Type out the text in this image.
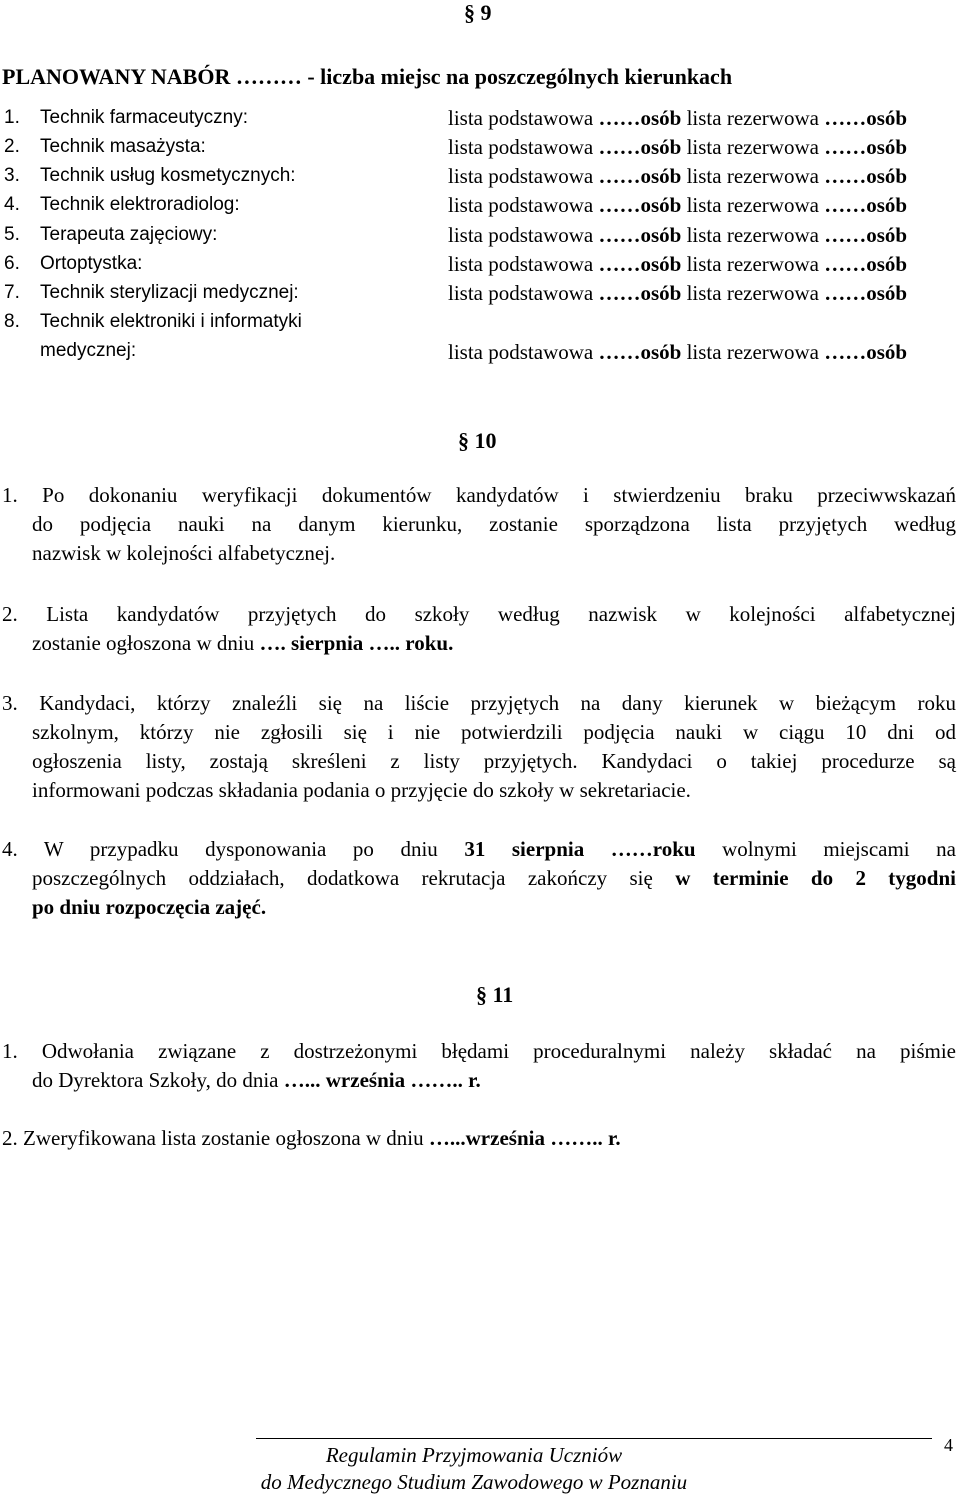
§ 9
PLANOWANY NABÓR ……… - liczba miejsc na poszczególnych kierunkach
1. Technik farmaceutyczny:	lista podstawowa ……osób lista rezerwowa ……osób
2. Technik masażysta:	lista podstawowa ……osób lista rezerwowa ……osób
3. Technik usług kosmetycznych:	lista podstawowa ……osób lista rezerwowa ……osób
4. Technik elektroradiolog:	lista podstawowa ……osób lista rezerwowa ……osób
5. Terapeuta zajęciowy:	lista podstawowa ……osób lista rezerwowa ……osób
6. Ortoptystka:	lista podstawowa ……osób lista rezerwowa ……osób
7. Technik sterylizacji medycznej:	lista podstawowa ……osób lista rezerwowa ……osób
8. Technik elektroniki i informatyki
medycznej:	lista podstawowa ……osób lista rezerwowa ……osób
§ 10
1. Po dokonaniu weryfikacji dokumentów kandydatów i stwierdzeniu braku przeciwwskazań
do podjęcia nauki na danym kierunku, zostanie sporządzona lista przyjętych według
nazwisk w kolejności alfabetycznej.
2. Lista kandydatów przyjętych do szkoły według nazwisk w kolejności alfabetycznej
zostanie ogłoszona w dniu …. sierpnia ….. roku.
3. Kandydaci, którzy znaleźli się na liście przyjętych na dany kierunek w bieżącym roku
szkolnym, którzy nie zgłosili się i nie potwierdzili podjęcia nauki w ciągu 10 dni od
ogłoszenia listy, zostają skreśleni z listy przyjętych. Kandydaci o takiej procedurze są
informowani podczas składania podania o przyjęcie do szkoły w sekretariacie.
4. W przypadku dysponowania po dniu 31 sierpnia ……roku wolnymi miejscami na
poszczególnych oddziałach, dodatkowa rekrutacja zakończy się w terminie do 2 tygodni
po dniu rozpoczęcia zajęć.
§ 11
1. Odwołania związane z dostrzeżonymi błędami proceduralnymi należy składać na piśmie
do Dyrektora Szkoły, do dnia …... września …….. r.
2. Zweryfikowana lista zostanie ogłoszona w dniu …...września …….. r.
Regulamin Przyjmowania Uczniów
do Medycznego Studium Zawodowego w Poznaniu
4
